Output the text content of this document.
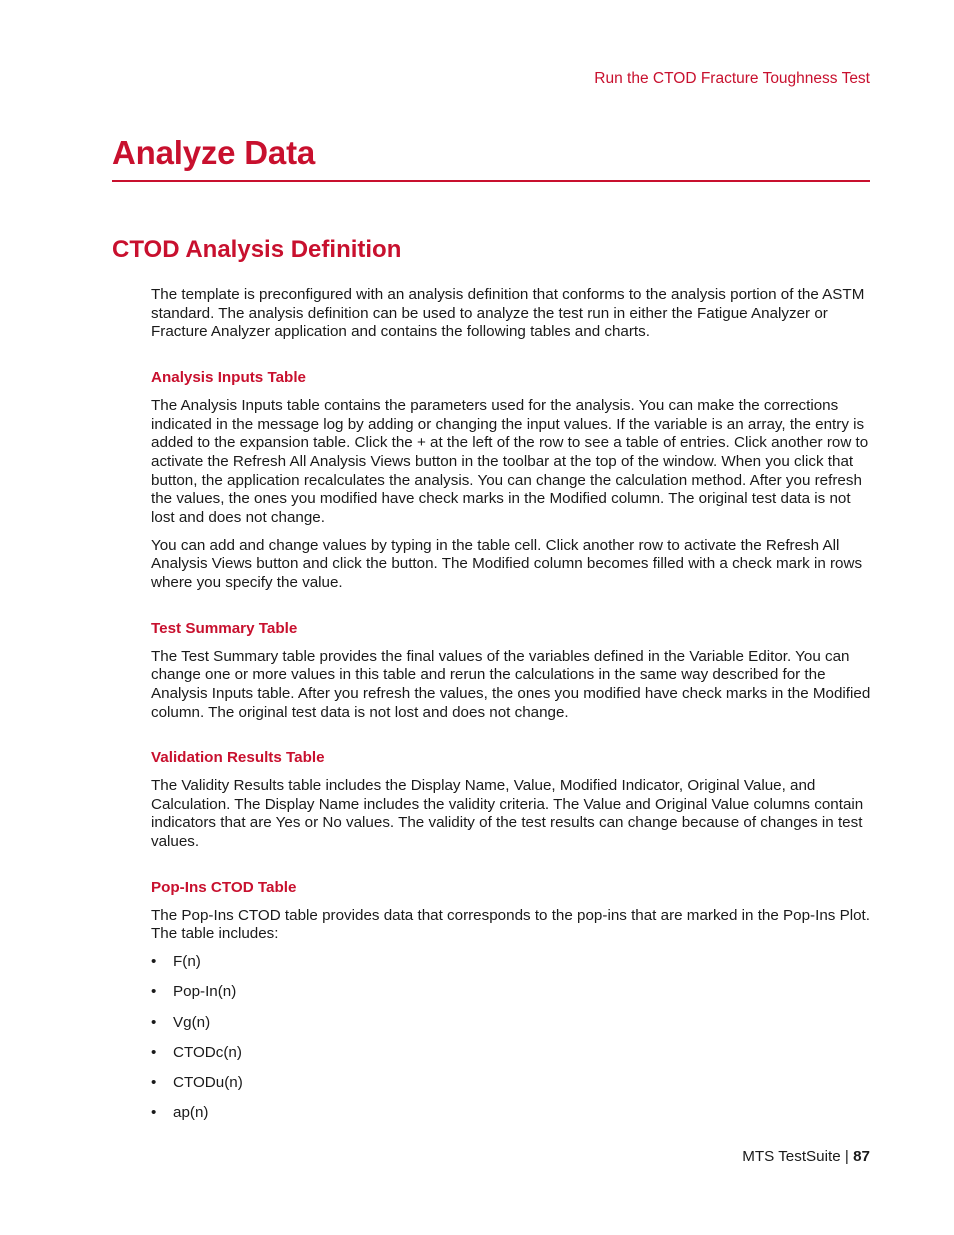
Run the CTOD Fracture Toughness Test
Analyze Data
CTOD Analysis Definition

The template is preconfigured with an analysis definition that conforms to the analysis portion of the ASTM standard. The analysis definition can be used to analyze the test run in either the Fatigue Analyzer or Fracture Analyzer application and contains the following tables and charts.

Analysis Inputs Table

The Analysis Inputs table contains the parameters used for the analysis. You can make the corrections indicated in the message log by adding or changing the input values. If the variable is an array, the entry is added to the expansion table. Click the + at the left of the row to see a table of entries. Click another row to activate the Refresh All Analysis Views button in the toolbar at the top of the window. When you click that button, the application recalculates the analysis. You can change the calculation method. After you refresh the values, the ones you modified have check marks in the Modified column. The original test data is not lost and does not change.

You can add and change values by typing in the table cell. Click another row to activate the Refresh All Analysis Views button and click the button. The Modified column becomes filled with a check mark in rows where you specify the value.

Test Summary Table

The Test Summary table provides the final values of the variables defined in the Variable Editor. You can change one or more values in this table and rerun the calculations in the same way described for the Analysis Inputs table. After you refresh the values, the ones you modified have check marks in the Modified column. The original test data is not lost and does not change.

Validation Results Table

The Validity Results table includes the Display Name, Value, Modified Indicator, Original Value, and Calculation. The Display Name includes the validity criteria. The Value and Original Value columns contain indicators that are Yes or No values. The validity of the test results can change because of changes in test values.

Pop-Ins CTOD Table

The Pop-Ins CTOD table provides data that corresponds to the pop-ins that are marked in the Pop-Ins Plot. The table includes:

• F(n)
• Pop-In(n)
• Vg(n)
• CTODc(n)
• CTODu(n)
• ap(n)
MTS TestSuite | 87
